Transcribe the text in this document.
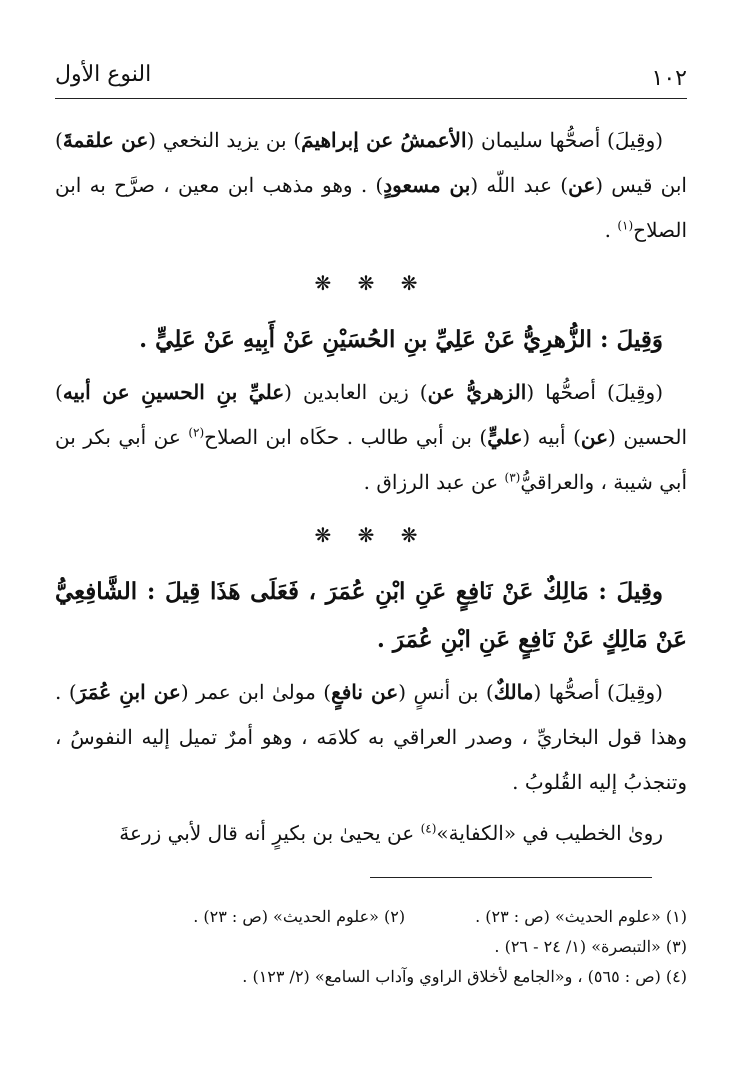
١٠٢
النوع الأول

(وقِيلَ) أصحُّها سليمان (الأعمشُ عن إبراهيمَ) بن يزيد النخعي (عن علقمةَ) ابن قيس (عن) عبد اللّه (بن مسعودٍ) . وهو مذهب ابن معين ، صرَّح به ابن الصلاح$^{(١)}$ .

❋ ❋ ❋

وَقِيلَ : الزُّهرِيُّ عَنْ عَلِيِّ بنِ الحُسَيْنِ عَنْ أَبِيهِ عَنْ عَلِيٍّ .

(وقِيلَ) أصحُّها (الزهريُّ عن) زين العابدين (عليِّ بنِ الحسينِ عن أبيه) الحسين (عن) أبيه (عليٍّ) بن أبي طالب . حكَاه ابن الصلاح$^{(٢)}$ عن أبي بكر بن أبي شيبة ، والعراقيُّ$^{(٣)}$ عن عبد الرزاق .

❋ ❋ ❋

وقِيلَ : مَالِكٌ عَنْ نَافِعٍ عَنِ ابْنِ عُمَرَ ، فَعَلَى هَذَا قِيلَ : الشَّافِعِيُّ عَنْ مَالِكٍ عَنْ نَافِعٍ عَنِ ابْنِ عُمَرَ .

(وقِيلَ) أصحُّها (مالكٌ) بن أنسٍ (عن نافعٍ) مولىٰ ابن عمر (عن ابنِ عُمَرَ) . وهذا قول البخاريِّ ، وصدر العراقي به كلامَه ، وهو أمرٌ تميل إليه النفوسُ ، وتنجذبُ إليه القُلوبُ .

روىٰ الخطيب في «الكفاية»$^{(٤)}$ عن يحيىٰ بن بكيرٍ أنه قال لأبي زرعةَ

(١) «علوم الحديث» (ص : ٢٣) .
(٢) «علوم الحديث» (ص : ٢٣) .
(٣) «التبصرة» (١/ ٢٤ - ٢٦) .
(٤) (ص : ٥٦٥) ، و«الجامع لأخلاق الراوي وآداب السامع» (٢/ ١٢٣) .
